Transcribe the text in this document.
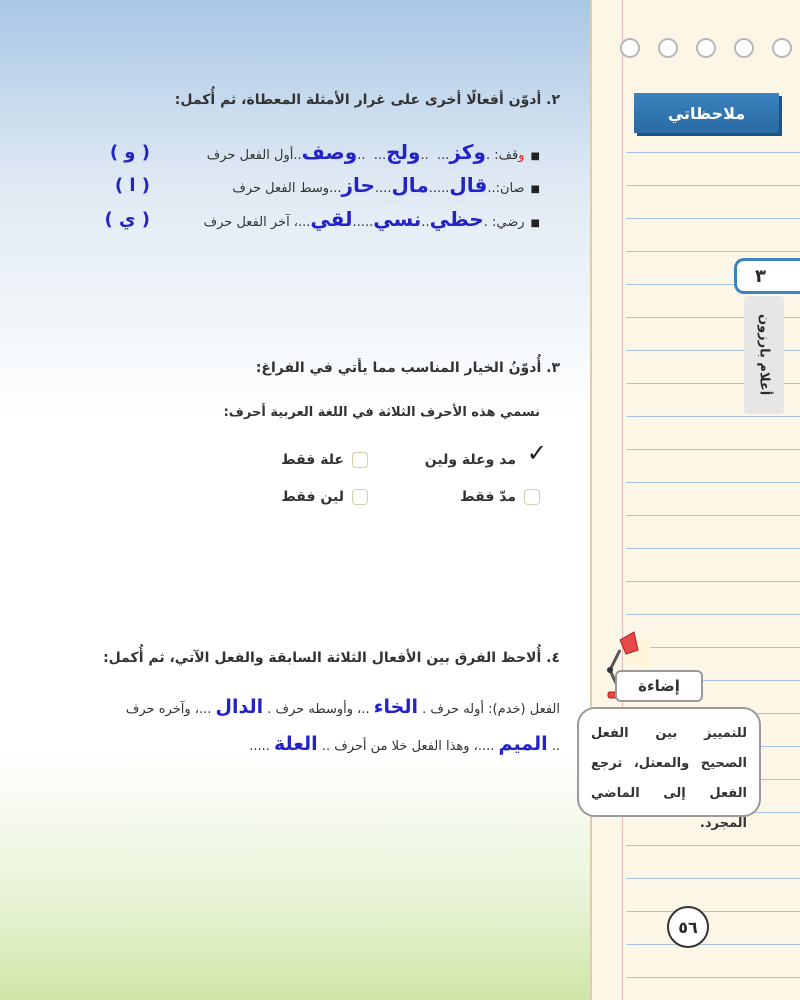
٢. أدوّن أفعالًا أخرى على غرار الأمثلة المعطاة، ثم أُكمل:
■
و
قف:
.
وكز
...  ..
ولج
...  ..
وصف
..أول الفعل حرف
( و )
■
صان:
..
قال
.....
مال
....
حاز
...وسط الفعل حرف
( ا )
■
رضي:
.
حظي
..
نسي
.....
لقي
...، آخر الفعل حرف
( ي )
٣. أُدوّنُ الخيار المناسب مما يأتي في الفراغ:
نسمي هذه الأحرف الثلاثة في اللغة العربية أحرف:
✓
مد وعلة ولين
علة فقط
مدّ فقط
لين فقط
٤. أُلاحظ الفرق بين الأفعال الثلاثة السابقة والفعل الآتي، ثم أُكمل:
الفعل (خدم): أوله حرف . الخاء ..، وأوسطه حرف . الدال ...، وآخره حرف
.. الميم ....، وهذا الفعل خلا من أحرف .. العلة .....
ملاحظاتي
٣
أعلام بارزون
إضاءة
للتمييز بين الفعل الصحيح والمعتل، ترجع الفعل إلى الماضي المجرد.
٥٦
